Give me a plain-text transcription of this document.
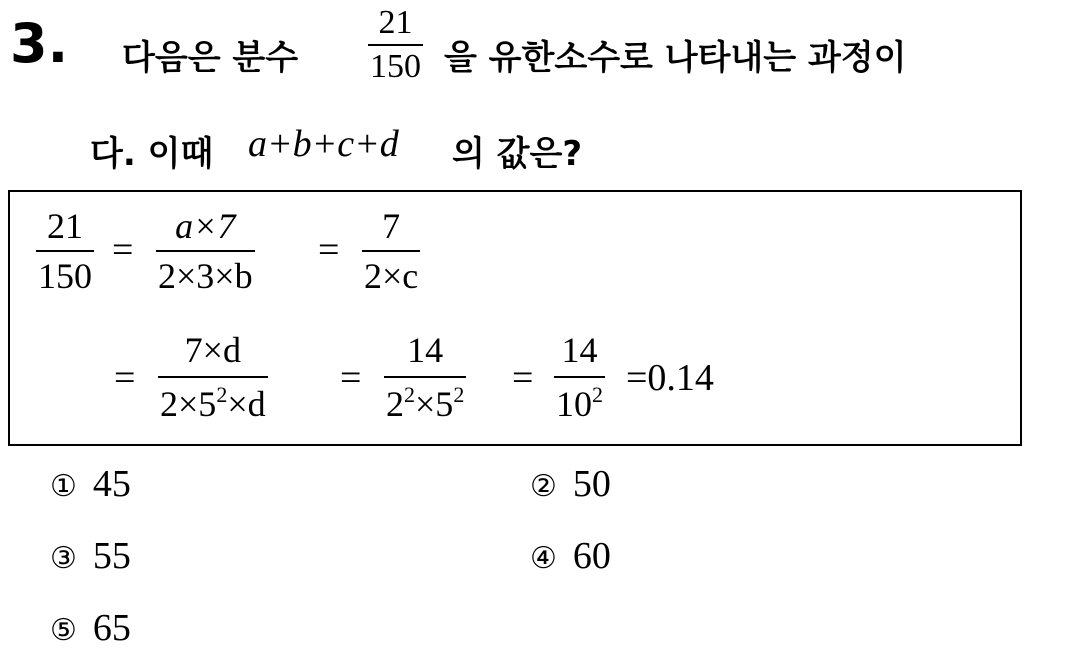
3. 다음은 분수
21
150 을 유한소수로 나타내는 과정이
다. 이때 a+b+c+d 의 값은?
21
150
=
a×7
2×3×b
=
7
2×c
=
7×d
$2\times 5^2\times d$
=
14
$2^2\times 5^2$ =
14
$10^2 =0.14$
① 45	② 50
③ 55	④ 60
⑤ 65
